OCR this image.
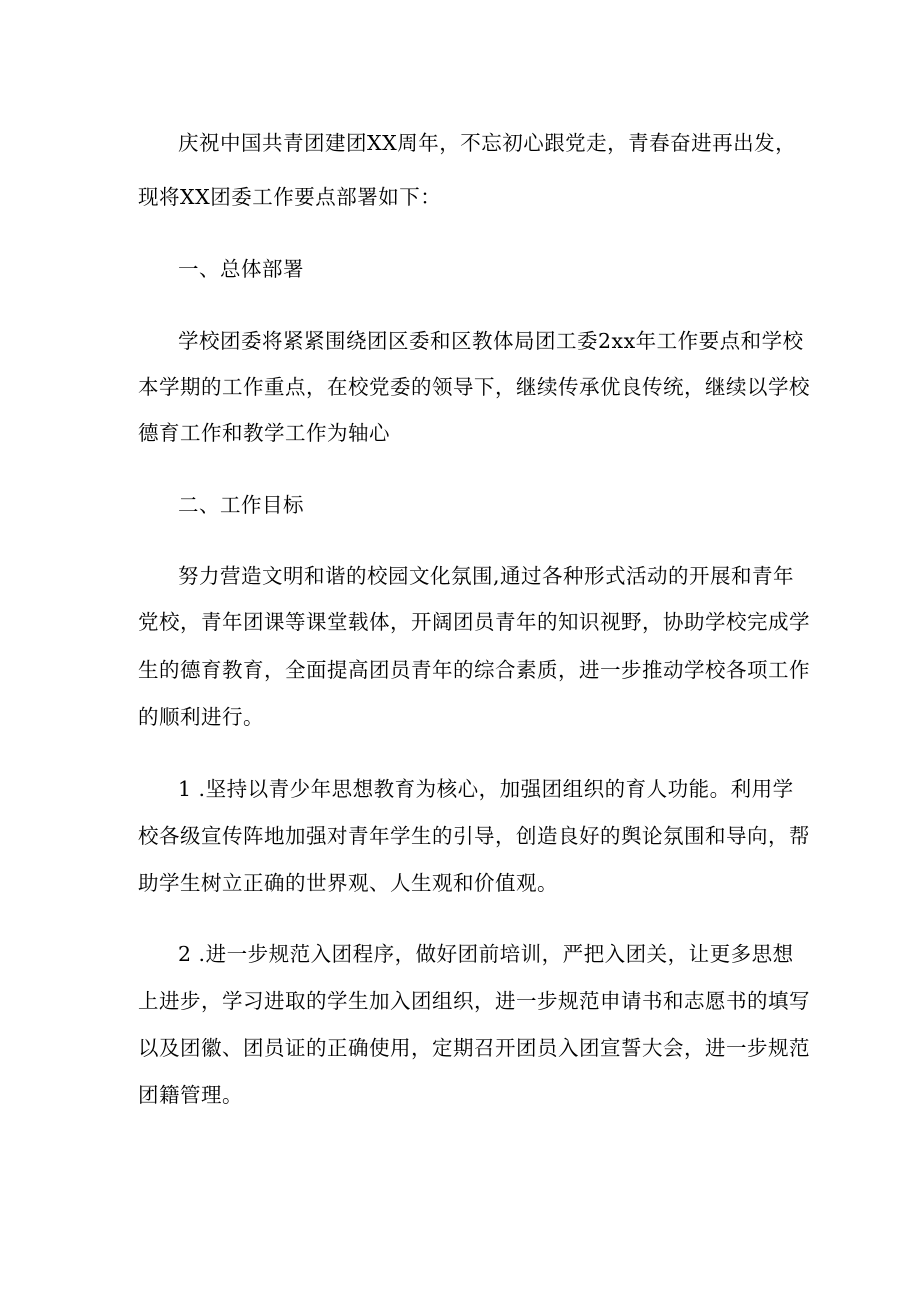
庆祝中国共青团建团XX周年，不忘初心跟党走，青春奋进再出发，
现将XX团委工作要点部署如下：
一、总体部署
学校团委将紧紧围绕团区委和区教体局团工委2xx年工作要点和学校
本学期的工作重点，在校党委的领导下，继续传承优良传统，继续以学校
德育工作和教学工作为轴心
二、工作目标
努力营造文明和谐的校园文化氛围,通过各种形式活动的开展和青年
党校，青年团课等课堂载体，开阔团员青年的知识视野，协助学校完成学
生的德育教育，全面提高团员青年的综合素质，进一步推动学校各项工作
的顺利进行。
1 .坚持以青少年思想教育为核心，加强团组织的育人功能。利用学
校各级宣传阵地加强对青年学生的引导，创造良好的舆论氛围和导向，帮
助学生树立正确的世界观、人生观和价值观。
2 .进一步规范入团程序，做好团前培训，严把入团关，让更多思想
上进步，学习进取的学生加入团组织，进一步规范申请书和志愿书的填写
以及团徽、团员证的正确使用，定期召开团员入团宣誓大会，进一步规范
团籍管理。
